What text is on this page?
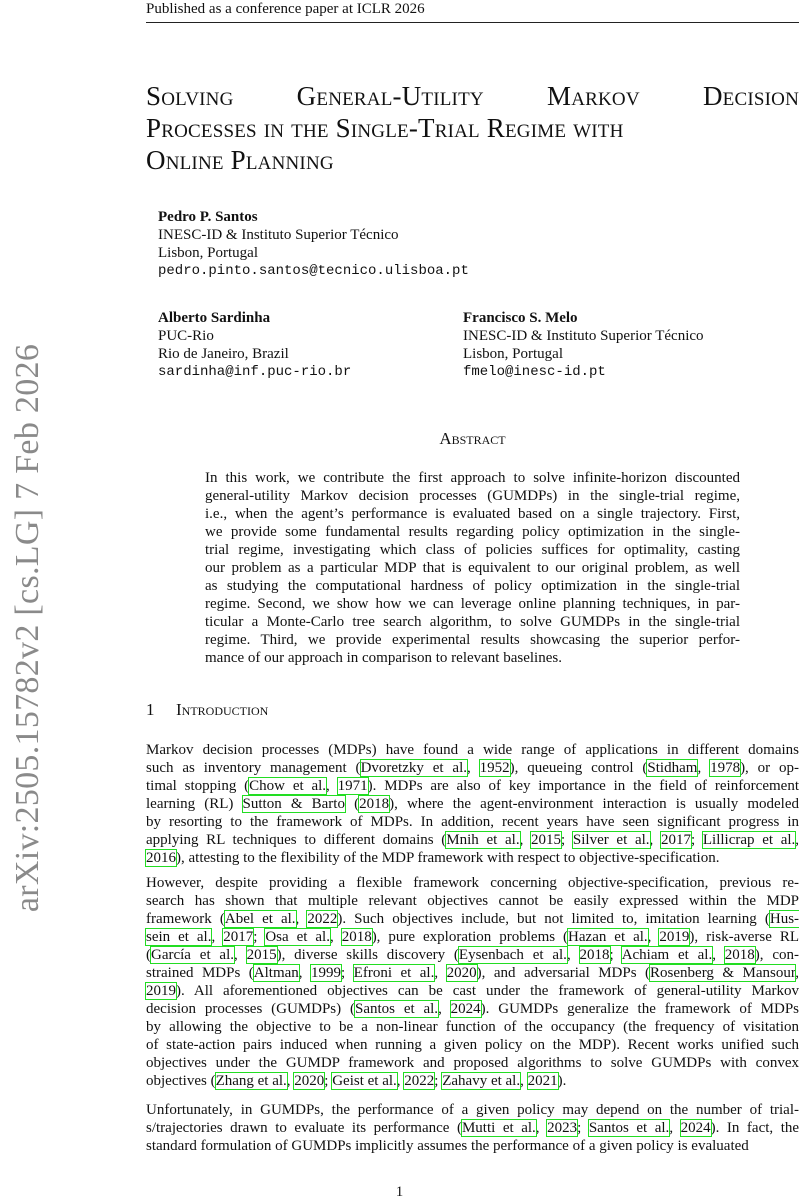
Published as a conference paper at ICLR 2026
arXiv:2505.15782v2 [cs.LG] 7 Feb 2026
Solving General-Utility Markov Decision
Processes in the Single-Trial Regime with
Online Planning
Pedro P. Santos
INESC-ID & Instituto Superior Técnico
Lisbon, Portugal
pedro.pinto.santos@tecnico.ulisboa.pt
Alberto Sardinha
PUC-Rio
Rio de Janeiro, Brazil
sardinha@inf.puc-rio.br
Francisco S. Melo
INESC-ID & Instituto Superior Técnico
Lisbon, Portugal
fmelo@inesc-id.pt
Abstract
In this work, we contribute the first approach to solve infinite-horizon discounted
general-utility Markov decision processes (GUMDPs) in the single-trial regime,
i.e., when the agent’s performance is evaluated based on a single trajectory. First,
we provide some fundamental results regarding policy optimization in the single-
trial regime, investigating which class of policies suffices for optimality, casting
our problem as a particular MDP that is equivalent to our original problem, as well
as studying the computational hardness of policy optimization in the single-trial
regime. Second, we show how we can leverage online planning techniques, in par-
ticular a Monte-Carlo tree search algorithm, to solve GUMDPs in the single-trial
regime. Third, we provide experimental results showcasing the superior perfor-
mance of our approach in comparison to relevant baselines.
1 Introduction
Markov decision processes (MDPs) have found a wide range of applications in different domains
such as inventory management (Dvoretzky et al., 1952), queueing control (Stidham, 1978), or op-
timal stopping (Chow et al., 1971). MDPs are also of key importance in the field of reinforcement
learning (RL) Sutton & Barto (2018), where the agent-environment interaction is usually modeled
by resorting to the framework of MDPs. In addition, recent years have seen significant progress in
applying RL techniques to different domains (Mnih et al., 2015; Silver et al., 2017; Lillicrap et al.,
2016), attesting to the flexibility of the MDP framework with respect to objective-specification.
However, despite providing a flexible framework concerning objective-specification, previous re-
search has shown that multiple relevant objectives cannot be easily expressed within the MDP
framework (Abel et al., 2022). Such objectives include, but not limited to, imitation learning (Hus-
sein et al., 2017; Osa et al., 2018), pure exploration problems (Hazan et al., 2019), risk-averse RL
(García et al., 2015), diverse skills discovery (Eysenbach et al., 2018; Achiam et al., 2018), con-
strained MDPs (Altman, 1999; Efroni et al., 2020), and adversarial MDPs (Rosenberg & Mansour,
2019). All aforementioned objectives can be cast under the framework of general-utility Markov
decision processes (GUMDPs) (Santos et al., 2024). GUMDPs generalize the framework of MDPs
by allowing the objective to be a non-linear function of the occupancy (the frequency of visitation
of state-action pairs induced when running a given policy on the MDP). Recent works unified such
objectives under the GUMDP framework and proposed algorithms to solve GUMDPs with convex
objectives (Zhang et al., 2020; Geist et al., 2022; Zahavy et al., 2021).
Unfortunately, in GUMDPs, the performance of a given policy may depend on the number of trial-
s/trajectories drawn to evaluate its performance (Mutti et al., 2023; Santos et al., 2024). In fact, the
standard formulation of GUMDPs implicitly assumes the performance of a given policy is evaluated
1
